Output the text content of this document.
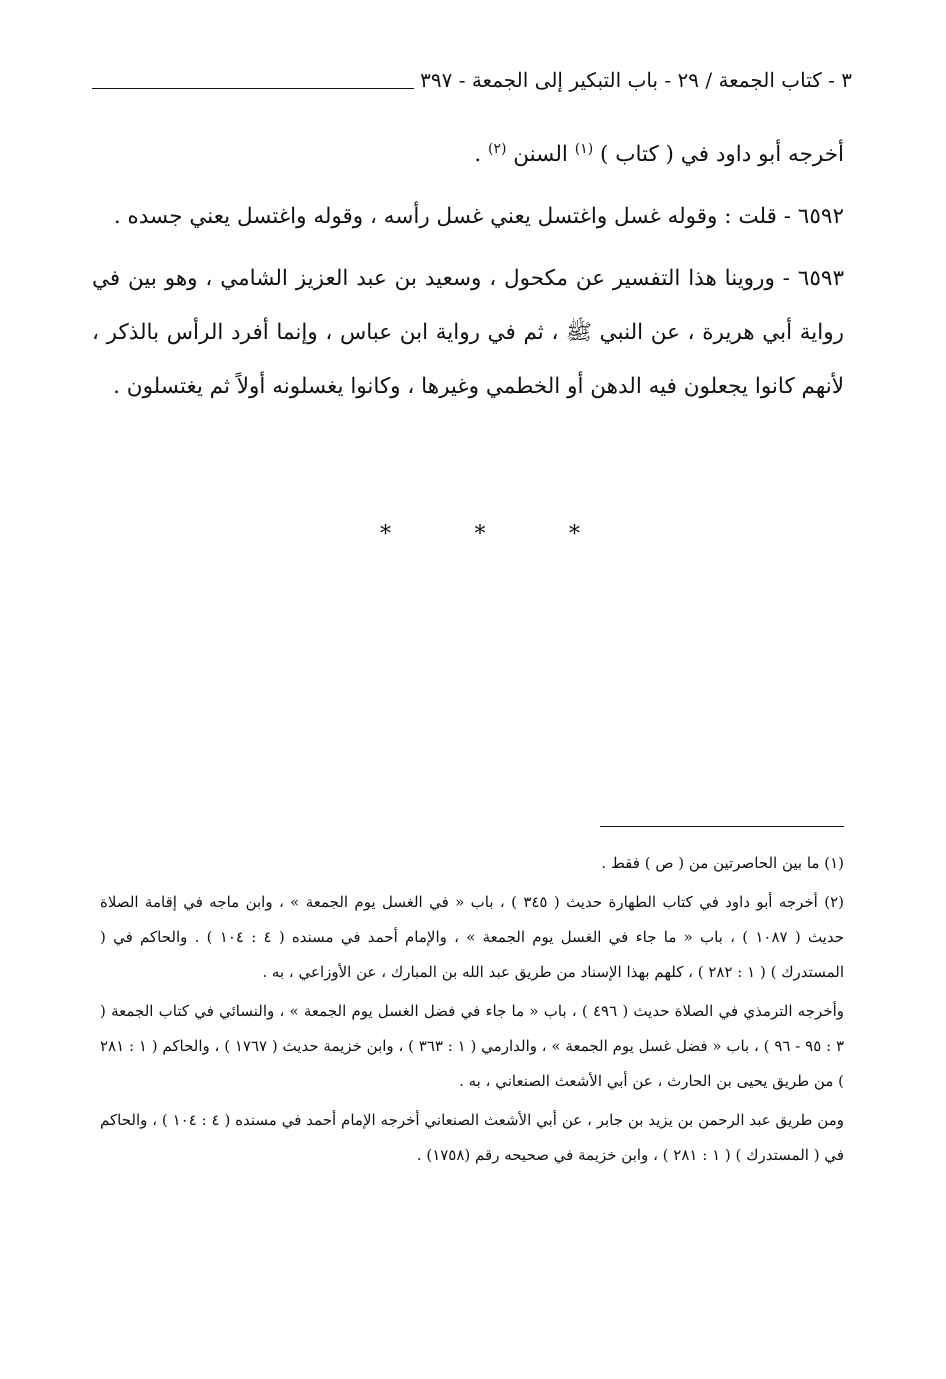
٣ - كتاب الجمعة / ٢٩ - باب التبكير إلى الجمعة - ٣٩٧

أخرجه أبو داود في ( كتاب ) $^{(١)}$ السنن $^{(٢)}$ .

٦٥٩٢ - قلت : وقوله غسل واغتسل يعني غسل رأسه ، وقوله واغتسل يعني جسده .

٦٥٩٣ - وروينا هذا التفسير عن مكحول ، وسعيد بن عبد العزيز الشامي ، وهو بين في رواية أبي هريرة ، عن النبي ﷺ ، ثم في رواية ابن عباس ، وإنما أفرد الرأس بالذكر ، لأنهم كانوا يجعلون فيه الدهن أو الخطمي وغيرها ، وكانوا يغسلونه أولاً ثم يغتسلون .

*	*	*

(١) ما بين الحاصرتين من ( ص ) فقط .

(٢) أخرجه أبو داود في كتاب الطهارة حديث ( ٣٤٥ ) ، باب « في الغسل يوم الجمعة » ، وابن ماجه في إقامة الصلاة حديث ( ١٠٨٧ ) ، باب « ما جاء في الغسل يوم الجمعة » ، والإمام أحمد في مسنده ( ٤ : ١٠٤ ) . والحاكم في ( المستدرك ) ( ١ : ٢٨٢ ) ، كلهم بهذا الإسناد من طريق عبد الله بن المبارك ، عن الأوزاعي ، به .

وأخرجه الترمذي في الصلاة حديث ( ٤٩٦ ) ، باب « ما جاء في فضل الغسل يوم الجمعة » ، والنسائي في كتاب الجمعة ( ٣ : ٩٥ - ٩٦ ) ، باب « فضل غسل يوم الجمعة » ، والدارمي ( ١ : ٣٦٣ ) ، وابن خزيمة حديث ( ١٧٦٧ ) ، والحاكم ( ١ : ٢٨١ ) من طريق يحيى بن الحارث ، عن أبي الأشعث الصنعاني ، به .

ومن طريق عبد الرحمن بن يزيد بن جابر ، عن أبي الأشعث الصنعاني أخرجه الإمام أحمد في مسنده ( ٤ : ١٠٤ ) ، والحاكم في ( المستدرك ) ( ١ : ٢٨١ ) ، وابن خزيمة في صحيحه رقم (١٧٥٨) .
